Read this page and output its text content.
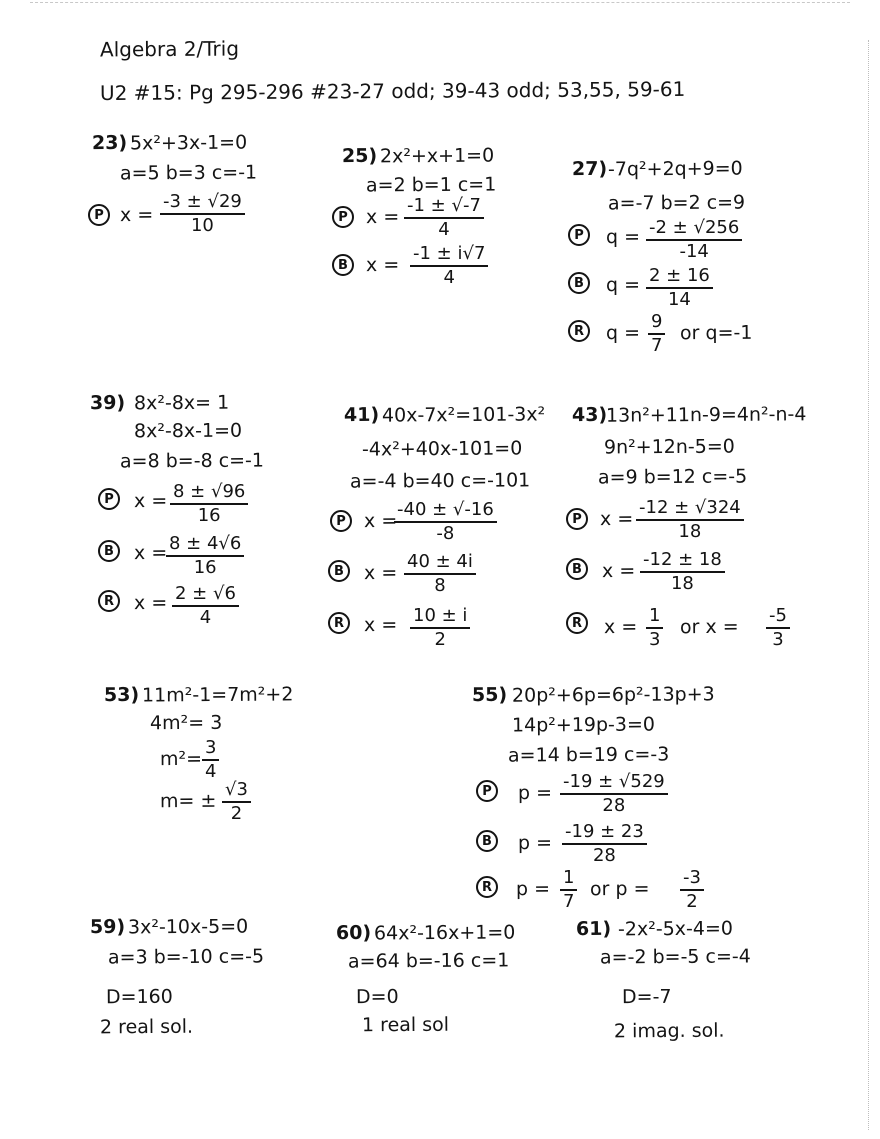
Algebra 2/Trig
U2 #15: Pg 295-296 #23-27 odd; 39-43 odd; 53,55, 59-61
23) 5x²+3x-1=0
a=5 b=3 c=-1
P $x = \frac{-3 \pm √29}{10}$
25) 2x²+x+1=0
a=2 b=1 c=1
P $x = \frac{-1 \pm √-7}{4}$
B $x = \frac{-1 \pm i√7}{4}$
27) -7q²+2q+9=0
a=-7 b=2 c=9
P	$q = \frac{-2 \pm √256}{-14}$
B	$q = \frac{2 \pm 16}{14}$
R	$q = \frac{9}{7}$ or q=-1
39) 8x²-8x= 1
8x²-8x-1=0
a=8 b=-8 c=-1
P	$x = \frac{8 \pm √96}{16}$
B	x =
$\frac{8 \pm 4√6}{16}$
R	$x = \frac{2 \pm √6}{4}$
41) 40x-7x²=101-3x²
-4x²+40x-101=0
a=-4 b=40 c=-101
P x =
$\frac{-40 \pm √-16}{-8}$
B	$x = \frac{40 \pm 4i}{8}$
R	$x = \frac{10 \pm i}{2}$
43)
13n²+11n-9=4n²-n-4
9n²+12n-5=0
a=9 b=12 c=-5
P $x = \frac{-12 \pm √324}{18}$
B	$x = \frac{-12 \pm 18}{18}$
R	$x = \frac{1}{3}$ or $x = \frac{-5}{3}$
53) 11m²-1=7m²+2
4m²= 3
$m^2= \frac{3}{4}$
$m= \pm \frac{√3}{2}$
55) 20p²+6p=6p²-13p+3
14p²+19p-3=0
a=14 b=19 c=-3
P	$p = \frac{-19 \pm √529}{28}$
B	$p = \frac{-19 \pm 23}{28}$
R	$p = \frac{1}{7}$ or $p = \frac{-3}{2}$
59) 3x²-10x-5=0
a=3 b=-10 c=-5
D=160
2 real sol.
60) 64x²-16x+1=0
a=64 b=-16 c=1
D=0
1 real sol
61) -2x²-5x-4=0
a=-2 b=-5 c=-4
D=-7
2 imag. sol.
